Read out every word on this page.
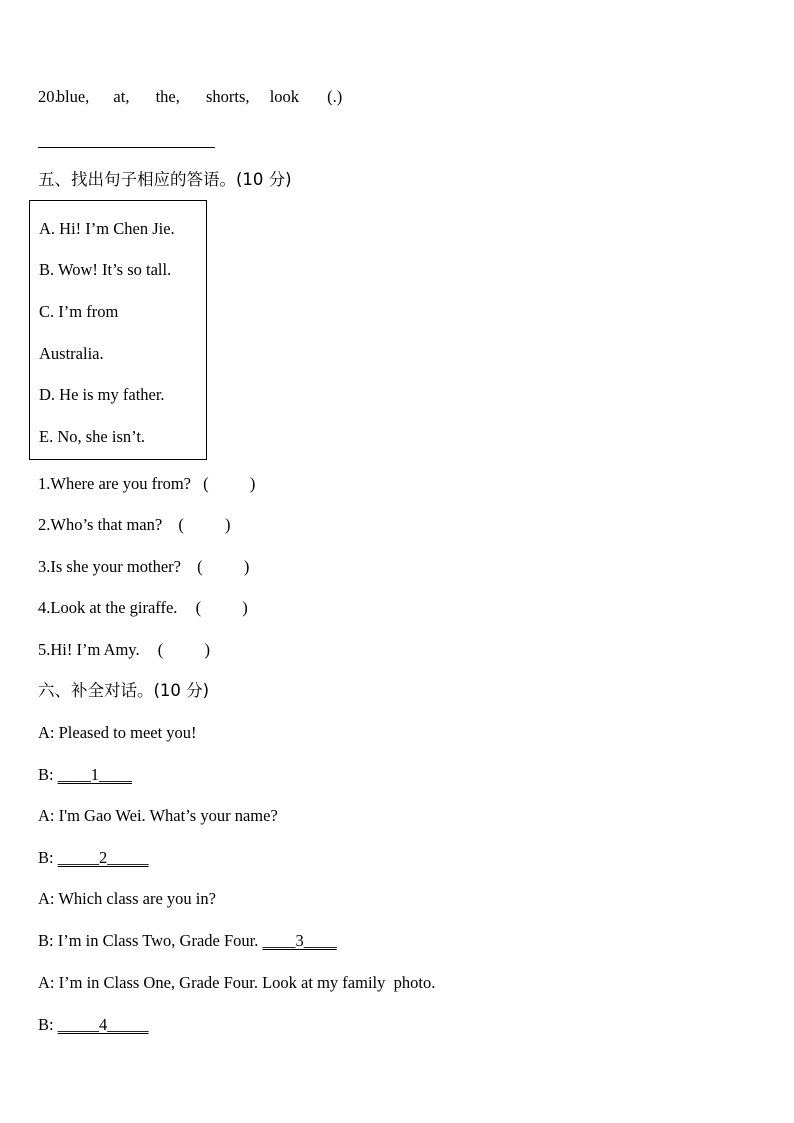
20. blue, at, the, shorts, look (.)
五、找出句子相应的答语。(10 分)
A. Hi! I’m Chen Jie.
B. Wow! It’s so tall.
C. I’m from
Australia.
D. He is my father.
E. No, she isn’t.
1.Where are you from? (          )
2.Who’s that man? (          )
3.Is she your mother? (          )
4.Look at the giraffe. (          )
5.Hi! I’m Amy. (          )
六、补全对话。(10 分)
A: Pleased to meet you!
B: ____1____
A: I'm Gao Wei. What’s your name?
B: _____2_____
A: Which class are you in?
B: I’m in Class Two, Grade Four. ____3____
A: I’m in Class One, Grade Four. Look at my family  photo.
B: _____4_____
